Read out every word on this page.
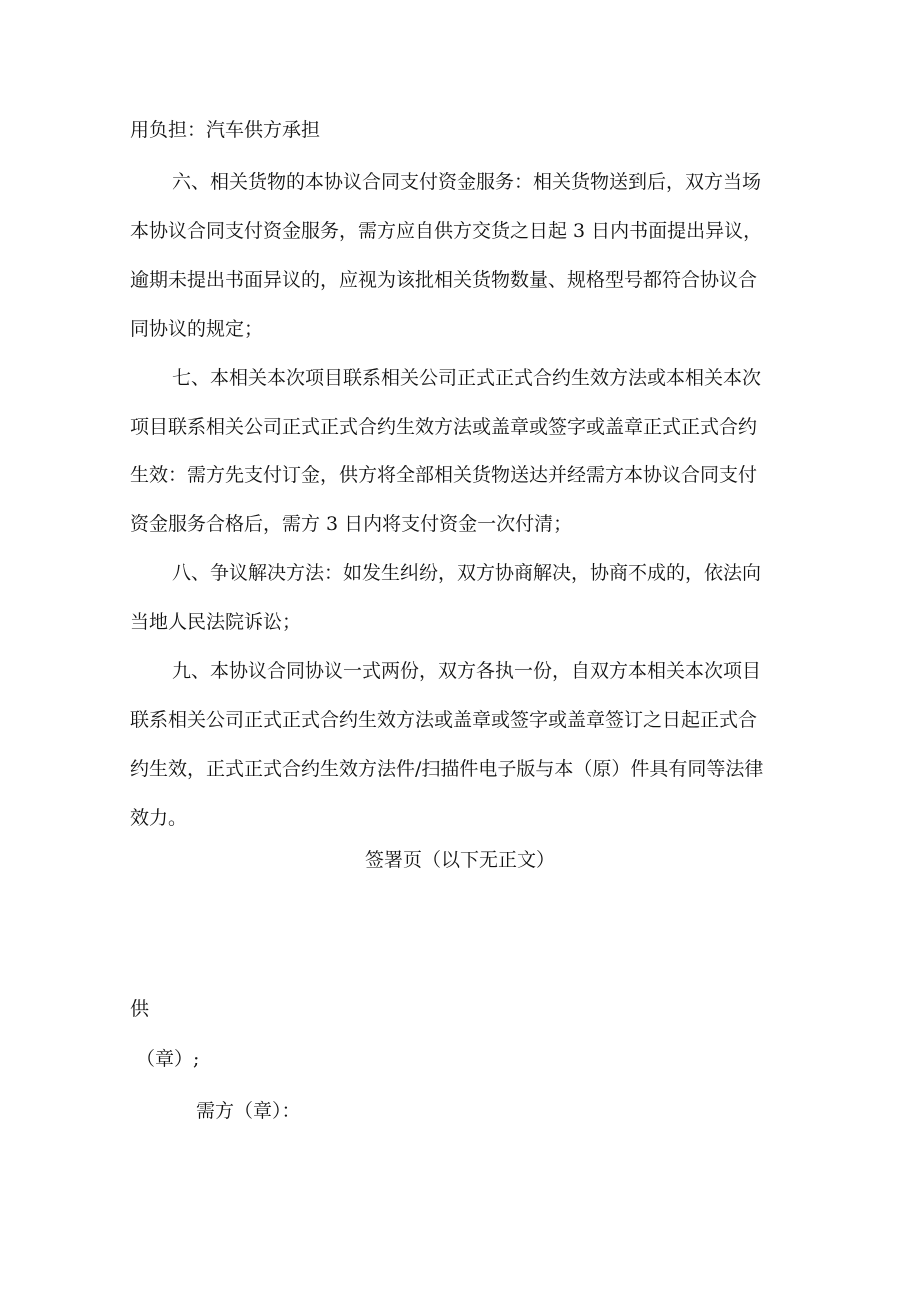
用负担：汽车供方承担
六、相关货物的本协议合同支付资金服务：相关货物送到后，双方当场
本协议合同支付资金服务，需方应自供方交货之日起 3 日内书面提出异议，
逾期未提出书面异议的，应视为该批相关货物数量、规格型号都符合协议合
同协议的规定；
七、本相关本次项目联系相关公司正式正式合约生效方法或本相关本次
项目联系相关公司正式正式合约生效方法或盖章或签字或盖章正式正式合约
生效：需方先支付订金，供方将全部相关货物送达并经需方本协议合同支付
资金服务合格后，需方 3 日内将支付资金一次付清；
八、争议解决方法：如发生纠纷，双方协商解决，协商不成的，依法向
当地人民法院诉讼；
九、本协议合同协议一式两份，双方各执一份，自双方本相关本次项目
联系相关公司正式正式合约生效方法或盖章或签字或盖章签订之日起正式合
约生效，正式正式合约生效方法件/扫描件电子版与本（原）件具有同等法律
效力。
签署页（以下无正文）
供
（章）;
需方（章）：
